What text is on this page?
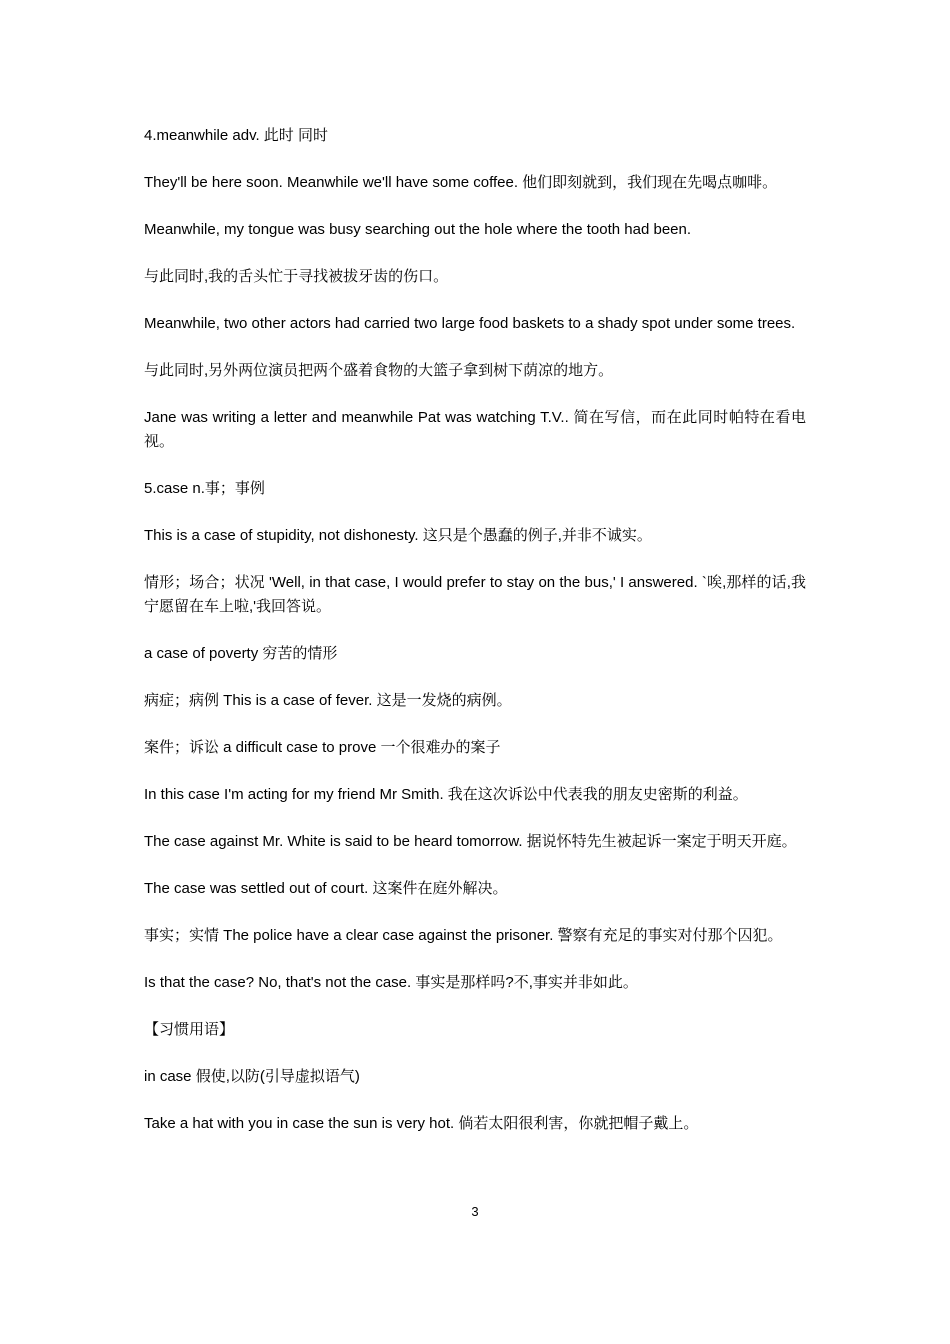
4.meanwhile adv. 此时 同时

They'll be here soon. Meanwhile we'll have some coffee. 他们即刻就到，我们现在先喝点咖啡。

Meanwhile, my tongue was busy searching out the hole where the tooth had been.

与此同时,我的舌头忙于寻找被拔牙齿的伤口。

Meanwhile, two other actors had carried two large food baskets to a shady spot under some trees.

与此同时,另外两位演员把两个盛着食物的大篮子拿到树下荫凉的地方。

Jane was writing a letter and meanwhile Pat was watching T.V.. 简在写信，而在此同时帕特在看电视。

5.case n.事；事例

This is a case of stupidity, not dishonesty. 这只是个愚蠢的例子,并非不诚实。

情形；场合；状况 'Well, in that case, I would prefer to stay on the bus,' I answered. `唉,那样的话,我宁愿留在车上啦,'我回答说。

a case of poverty 穷苦的情形

病症；病例 This is a case of fever. 这是一发烧的病例。

案件；诉讼 a difficult case to prove 一个很难办的案子

In this case I'm acting for my friend Mr Smith. 我在这次诉讼中代表我的朋友史密斯的利益。

The case against Mr. White is said to be heard tomorrow. 据说怀特先生被起诉一案定于明天开庭。

The case was settled out of court. 这案件在庭外解决。

事实；实情 The police have a clear case against the prisoner. 警察有充足的事实对付那个囚犯。

Is that the case? No, that's not the case. 事实是那样吗?不,事实并非如此。

【习惯用语】

in case 假使,以防(引导虚拟语气)

Take a hat with you in case the sun is very hot. 倘若太阳很利害，你就把帽子戴上。

3
